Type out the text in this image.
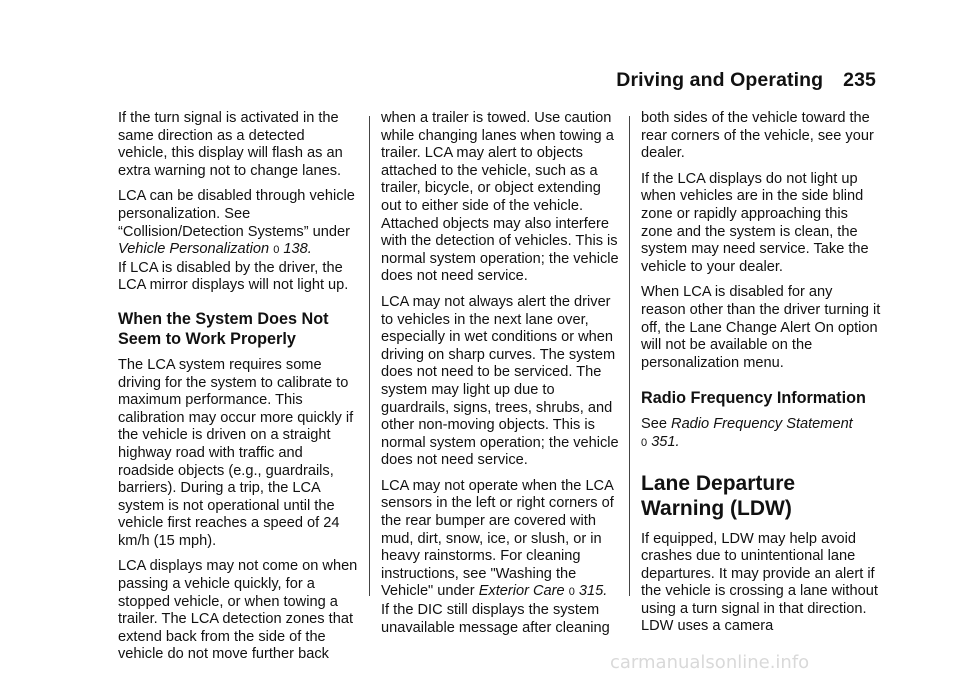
Driving and Operating 235

If the turn signal is activated in the same direction as a detected vehicle, this display will flash as an extra warning not to change lanes.

LCA can be disabled through vehicle personalization. See “Collision/Detection Systems” under Vehicle Personalization 0 138.

If LCA is disabled by the driver, the LCA mirror displays will not light up.

When the System Does Not Seem to Work Properly

The LCA system requires some driving for the system to calibrate to maximum performance. This calibration may occur more quickly if the vehicle is driven on a straight highway road with traffic and roadside objects (e.g., guardrails, barriers). During a trip, the LCA system is not operational until the vehicle first reaches a speed of 24 km/h (15 mph).

LCA displays may not come on when passing a vehicle quickly, for a stopped vehicle, or when towing a trailer. The LCA detection zones that extend back from the side of the vehicle do not move further back

when a trailer is towed. Use caution while changing lanes when towing a trailer. LCA may alert to objects attached to the vehicle, such as a trailer, bicycle, or object extending out to either side of the vehicle. Attached objects may also interfere with the detection of vehicles. This is normal system operation; the vehicle does not need service.

LCA may not always alert the driver to vehicles in the next lane over, especially in wet conditions or when driving on sharp curves. The system does not need to be serviced. The system may light up due to guardrails, signs, trees, shrubs, and other non-moving objects. This is normal system operation; the vehicle does not need service.

LCA may not operate when the LCA sensors in the left or right corners of the rear bumper are covered with mud, dirt, snow, ice, or slush, or in heavy rainstorms. For cleaning instructions, see "Washing the Vehicle" under Exterior Care 0 315.

If the DIC still displays the system unavailable message after cleaning

both sides of the vehicle toward the rear corners of the vehicle, see your dealer.

If the LCA displays do not light up when vehicles are in the side blind zone or rapidly approaching this zone and the system is clean, the system may need service. Take the vehicle to your dealer.

When LCA is disabled for any reason other than the driver turning it off, the Lane Change Alert On option will not be available on the personalization menu.

Radio Frequency Information

See Radio Frequency Statement
0 351.

Lane Departure Warning (LDW)

If equipped, LDW may help avoid crashes due to unintentional lane departures. It may provide an alert if the vehicle is crossing a lane without using a turn signal in that direction. LDW uses a camera

carmanualsonline.info
